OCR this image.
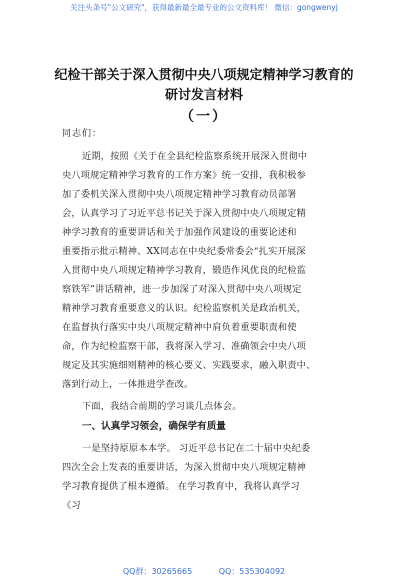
关注头条号"公文研究"，获得最新最全最专业的公文资料库！ 微信：gongwenyj
纪检干部关于深入贯彻中央八项规定精神学习教育的
研讨发言材料
（一）
同志们：
近期，按照《关于在全县纪检监察系统开展深入贯彻中
央八项规定精神学习教育的工作方案》统一安排，我积极参
加了委机关深入贯彻中央八项规定精神学习教育动员部署
会，认真学习了习近平总书记关于深入贯彻中央八项规定精
神学习教育的重要讲话和关于加强作风建设的重要论述和
重要指示批示精神、XX同志在中央纪委常委会“扎实开展深
入贯彻中央八项规定精神学习教育，锻造作风优良的纪检监
察铁军”讲话精神，进一步加深了对深入贯彻中央八项规定
精神学习教育重要意义的认识。纪检监察机关是政治机关，
在监督执行落实中央八项规定精神中肩负着重要职责和使
命，作为纪检监察干部，我将深入学习、准确领会中央八项
规定及其实施细则精神的核心要义、实践要求，融入职责中、
落到行动上，一体推进学查改。
下面，我结合前期的学习谈几点体会。
一、认真学习领会，确保学有质量
一是坚持原原本本学。 习近平总书记在二十届中央纪委
四次全会上发表的重要讲话，为深入贯彻中央八项规定精神
学习教育提供了根本遵循。 在学习教育中，我将认真学习
《习
QQ群：30265665	QQ：535304092
